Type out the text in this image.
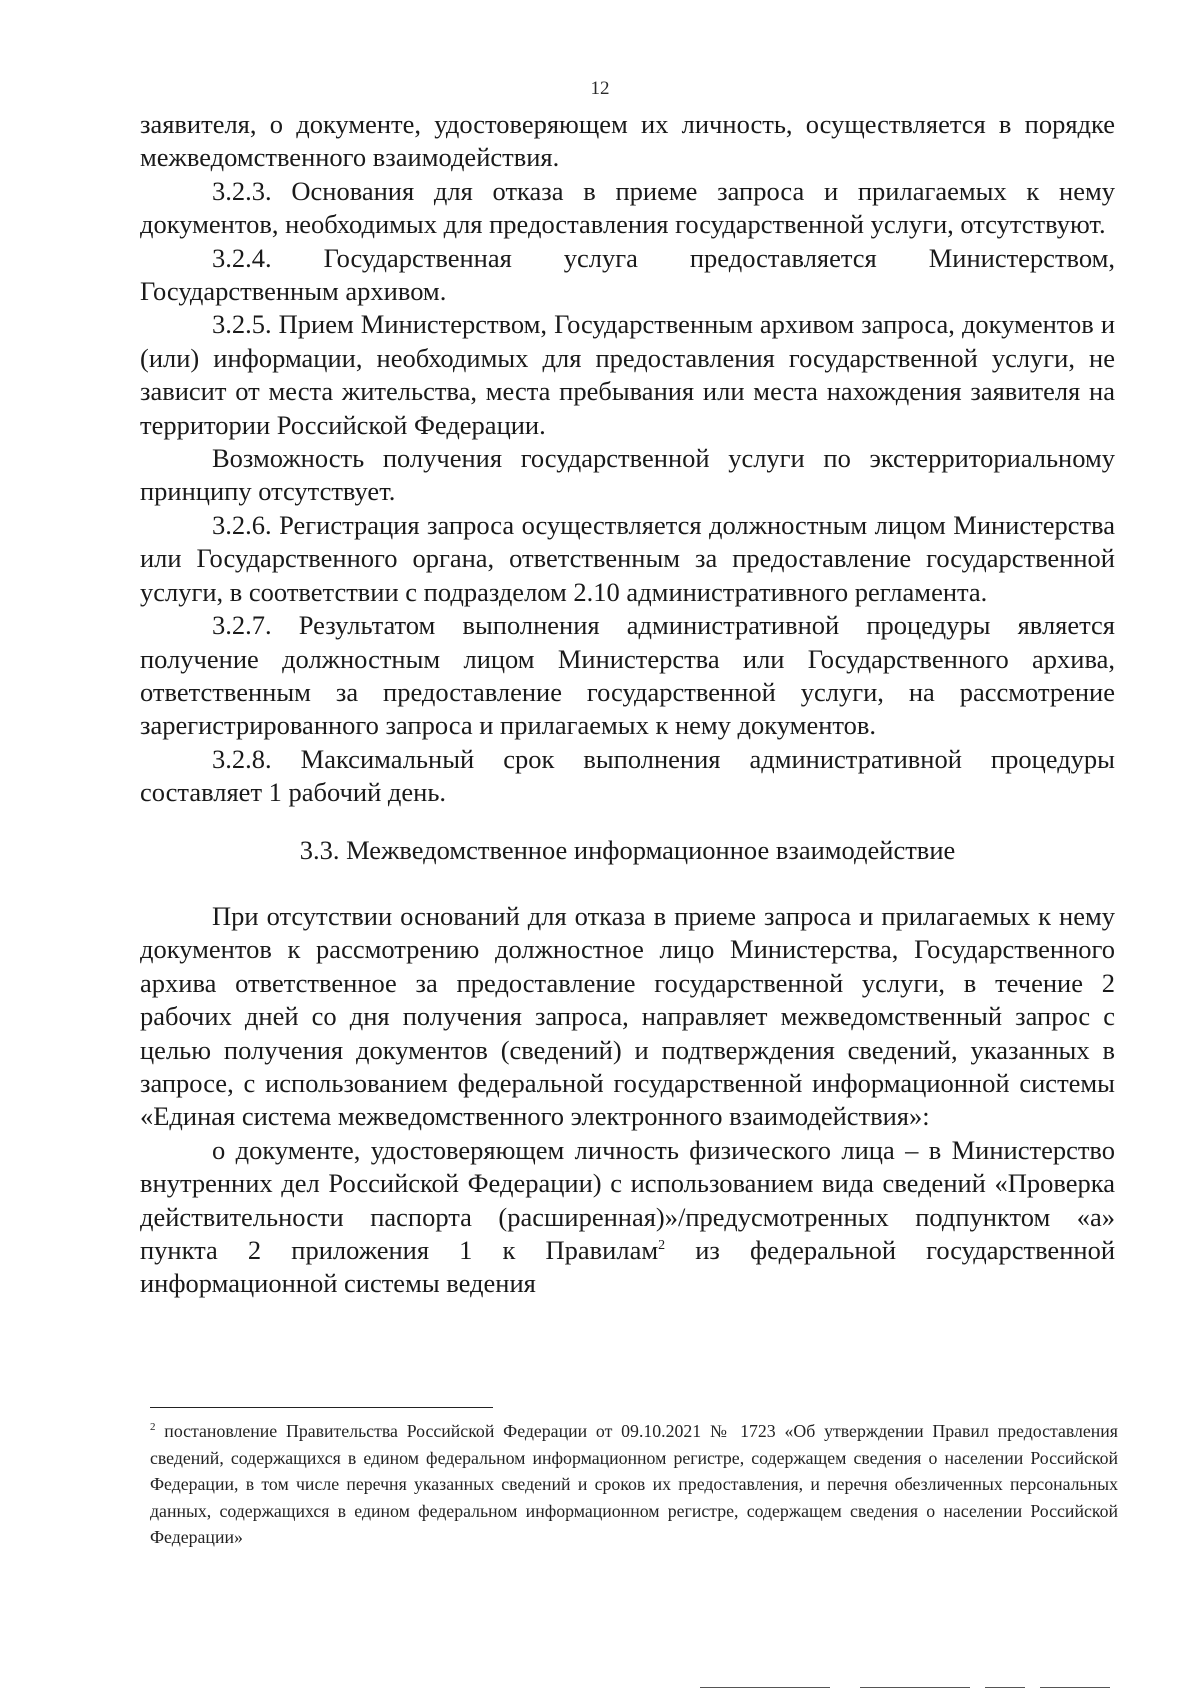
12

заявителя, о документе, удостоверяющем их личность, осуществляется в порядке межведомственного взаимодействия.

3.2.3. Основания для отказа в приеме запроса и прилагаемых к нему документов, необходимых для предоставления государственной услуги, отсутствуют.

3.2.4. Государственная услуга предоставляется Министерством, Государственным архивом.

3.2.5. Прием Министерством, Государственным архивом запроса, документов и (или) информации, необходимых для предоставления государственной услуги, не зависит от места жительства, места пребывания или места нахождения заявителя на территории Российской Федерации.

Возможность получения государственной услуги по экстерриториальному принципу отсутствует.

3.2.6. Регистрация запроса осуществляется должностным лицом Министерства или Государственного органа, ответственным за предоставление государственной услуги, в соответствии с подразделом 2.10 административного регламента.

3.2.7. Результатом выполнения административной процедуры является получение должностным лицом Министерства или Государственного архива, ответственным за предоставление государственной услуги, на рассмотрение зарегистрированного запроса и прилагаемых к нему документов.

3.2.8. Максимальный срок выполнения административной процедуры составляет 1 рабочий день.

3.3. Межведомственное информационное взаимодействие

При отсутствии оснований для отказа в приеме запроса и прилагаемых к нему документов к рассмотрению должностное лицо Министерства, Государственного архива ответственное за предоставление государственной услуги, в течение 2 рабочих дней со дня получения запроса, направляет межведомственный запрос с целью получения документов (сведений) и подтверждения сведений, указанных в запросе, с использованием федеральной государственной информационной системы «Единая система межведомственного электронного взаимодействия»:

о документе, удостоверяющем личность физического лица – в Министерство внутренних дел Российской Федерации) с использованием вида сведений «Проверка действительности паспорта (расширенная)»/предусмотренных подпунктом «а» пункта 2 приложения 1 к Правилам$^2$ из федеральной государственной информационной системы ведения

$^2$ постановление Правительства Российской Федерации от 09.10.2021 № 1723 «Об утверждении Правил предоставления сведений, содержащихся в едином федеральном информационном регистре, содержащем сведения о населении Российской Федерации, в том числе перечня указанных сведений и сроков их предоставления, и перечня обезличенных персональных данных, содержащихся в едином федеральном информационном регистре, содержащем сведения о населении Российской Федерации»
